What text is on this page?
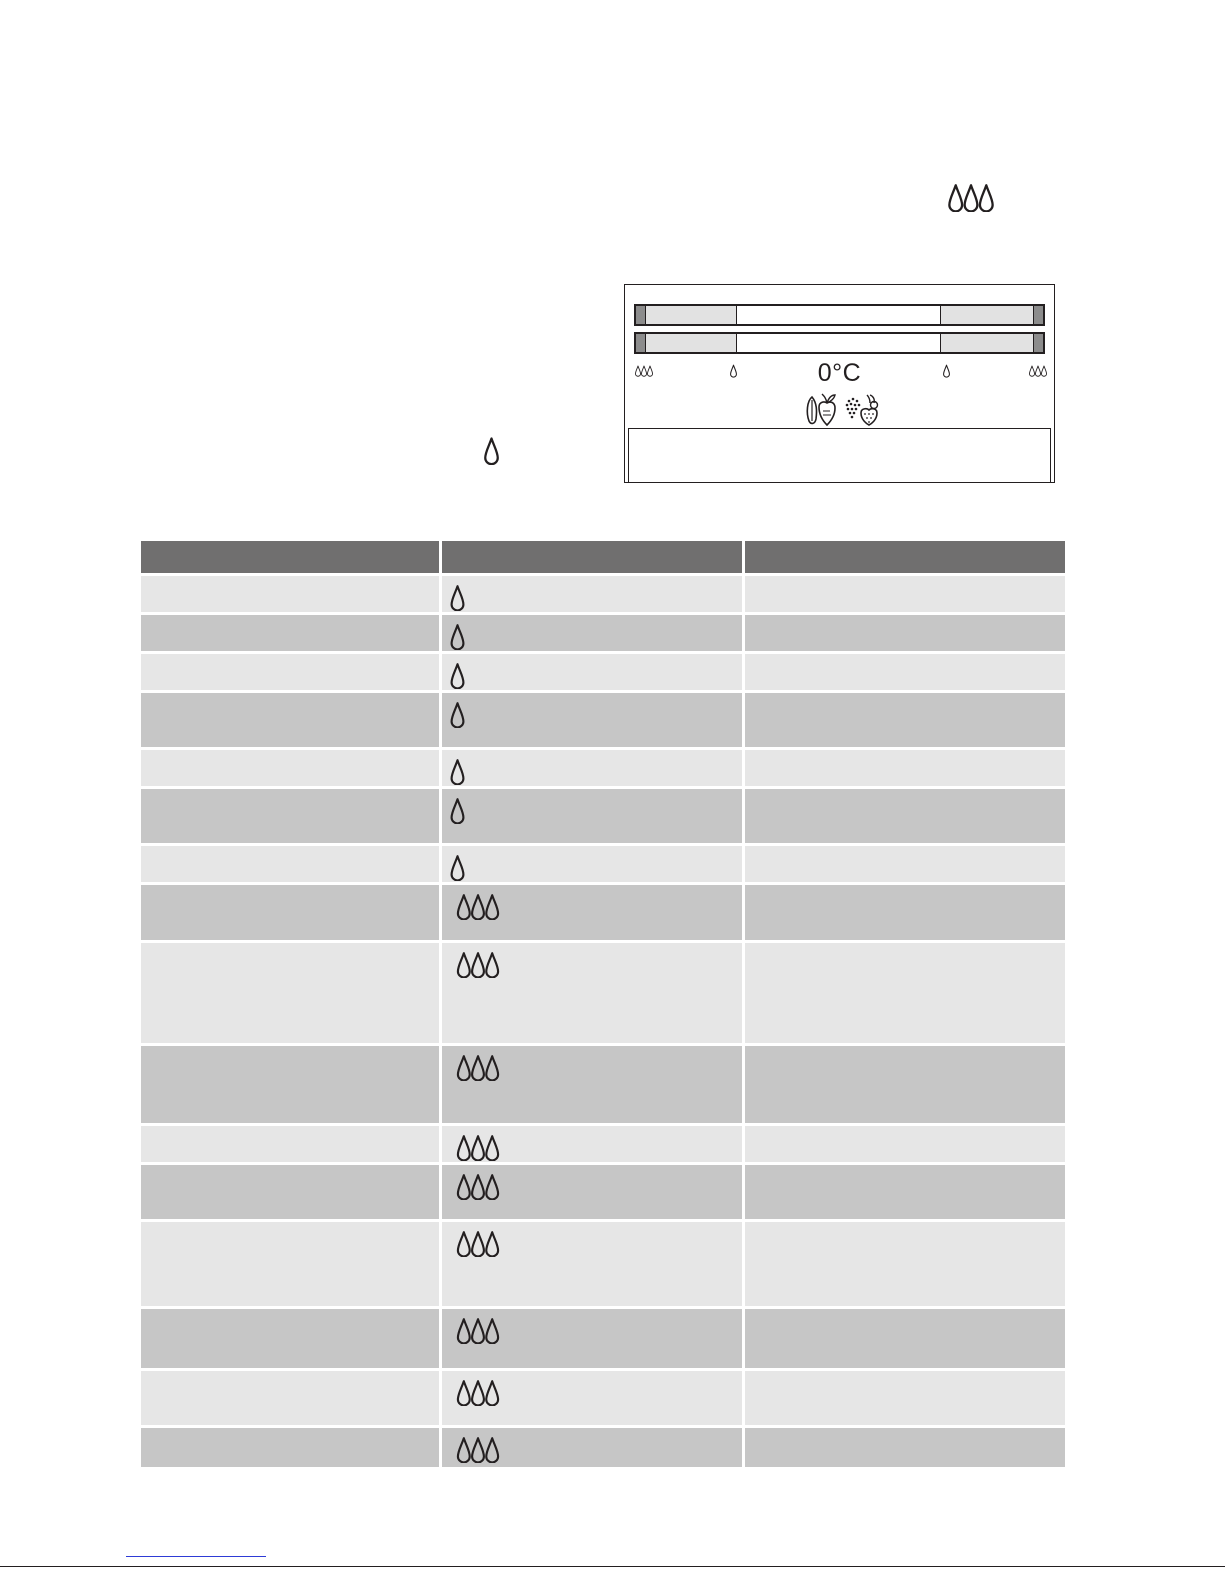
0°C
